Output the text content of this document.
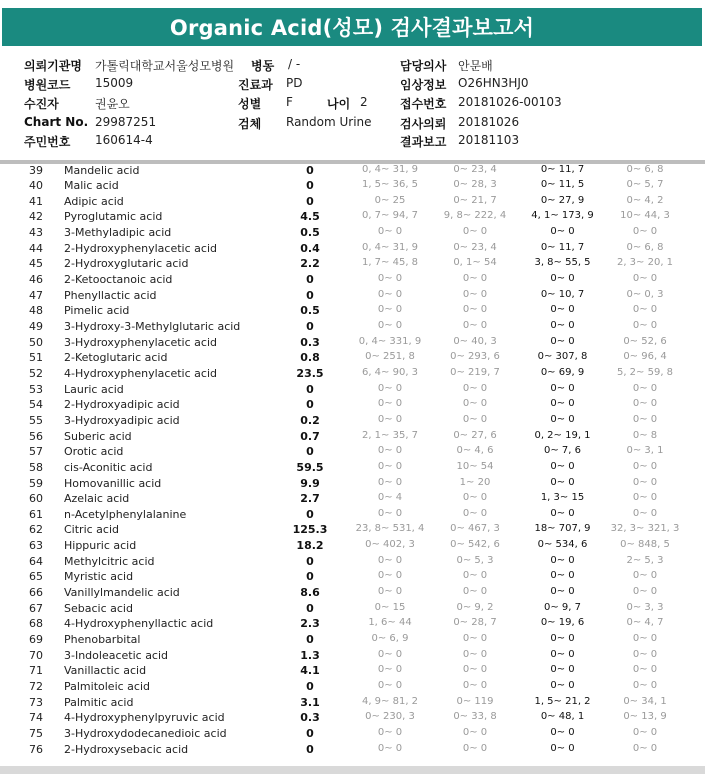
Organic Acid(성모) 검사결과보고서
의뢰기관명 가톨릭대학교서울성모병원 병동 / -	담당의사 안문배
병원코드 15009	진료과 PD	임상정보 O26HN3HJ0
수진자	권윤오	성별 F	나이 2	접수번호 20181026-00103
Chart No. 29987251	검체 Random Urine 검사의뢰 20181026
주민번호 160614-4	결과보고 20181103
39	Mandelic acid	0	0, 4~ 31, 9	0~ 23, 4	0~ 11, 7	0~ 6, 8
40	Malic acid	0	1, 5~ 36, 5	0~ 28, 3	0~ 11, 5	0~ 5, 7
41	Adipic acid	0	0~ 25	0~ 21, 7	0~ 27, 9	0~ 4, 2
42	Pyroglutamic acid	4.5	0, 7~ 94, 7	9, 8~ 222, 4	4, 1~ 173, 9	10~ 44, 3
43	3-Methyladipic acid	0.5	0~ 0	0~ 0	0~ 0	0~ 0
44	2-Hydroxyphenylacetic acid	0.4	0, 4~ 31, 9	0~ 23, 4	0~ 11, 7	0~ 6, 8
45	2-Hydroxyglutaric acid	2.2	1, 7~ 45, 8	0, 1~ 54	3, 8~ 55, 5	2, 3~ 20, 1
46	2-Ketooctanoic acid	0	0~ 0	0~ 0	0~ 0	0~ 0
47	Phenyllactic acid	0	0~ 0	0~ 0	0~ 10, 7	0~ 0, 3
48	Pimelic acid	0.5	0~ 0	0~ 0	0~ 0	0~ 0
49	3-Hydroxy-3-Methylglutaric acid	0	0~ 0	0~ 0	0~ 0	0~ 0
50	3-Hydroxyphenylacetic acid	0.3	0, 4~ 331, 9	0~ 40, 3	0~ 0	0~ 52, 6
51	2-Ketoglutaric acid	0.8	0~ 251, 8	0~ 293, 6	0~ 307, 8	0~ 96, 4
52	4-Hydroxyphenylacetic acid	23.5	6, 4~ 90, 3	0~ 219, 7	0~ 69, 9	5, 2~ 59, 8
53	Lauric acid	0	0~ 0	0~ 0	0~ 0	0~ 0
54	2-Hydroxyadipic acid	0	0~ 0	0~ 0	0~ 0	0~ 0
55	3-Hydroxyadipic acid	0.2	0~ 0	0~ 0	0~ 0	0~ 0
56	Suberic acid	0.7	2, 1~ 35, 7	0~ 27, 6	0, 2~ 19, 1	0~ 8
57	Orotic acid	0	0~ 0	0~ 4, 6	0~ 7, 6	0~ 3, 1
58	cis-Aconitic acid	59.5	0~ 0	10~ 54	0~ 0	0~ 0
59	Homovanillic acid	9.9	0~ 0	1~ 20	0~ 0	0~ 0
60	Azelaic acid	2.7	0~ 4	0~ 0	1, 3~ 15	0~ 0
61	n-Acetylphenylalanine	0	0~ 0	0~ 0	0~ 0	0~ 0
62	Citric acid	125.3	23, 8~ 531, 4	0~ 467, 3	18~ 707, 9	32, 3~ 321, 3
63	Hippuric acid	18.2	0~ 402, 3	0~ 542, 6	0~ 534, 6	0~ 848, 5
64	Methylcitric acid	0	0~ 0	0~ 5, 3	0~ 0	2~ 5, 3
65	Myristic acid	0	0~ 0	0~ 0	0~ 0	0~ 0
66	Vanillylmandelic acid	8.6	0~ 0	0~ 0	0~ 0	0~ 0
67	Sebacic acid	0	0~ 15	0~ 9, 2	0~ 9, 7	0~ 3, 3
68	4-Hydroxyphenyllactic acid	2.3	1, 6~ 44	0~ 28, 7	0~ 19, 6	0~ 4, 7
69	Phenobarbital	0	0~ 6, 9	0~ 0	0~ 0	0~ 0
70	3-Indoleacetic acid	1.3	0~ 0	0~ 0	0~ 0	0~ 0
71	Vanillactic acid	4.1	0~ 0	0~ 0	0~ 0	0~ 0
72	Palmitoleic acid	0	0~ 0	0~ 0	0~ 0	0~ 0
73	Palmitic acid	3.1	4, 9~ 81, 2	0~ 119	1, 5~ 21, 2	0~ 34, 1
74	4-Hydroxyphenylpyruvic acid	0.3	0~ 230, 3	0~ 33, 8	0~ 48, 1	0~ 13, 9
75	3-Hydroxydodecanedioic acid	0	0~ 0	0~ 0	0~ 0	0~ 0
76	2-Hydroxysebacic acid	0	0~ 0	0~ 0	0~ 0	0~ 0
